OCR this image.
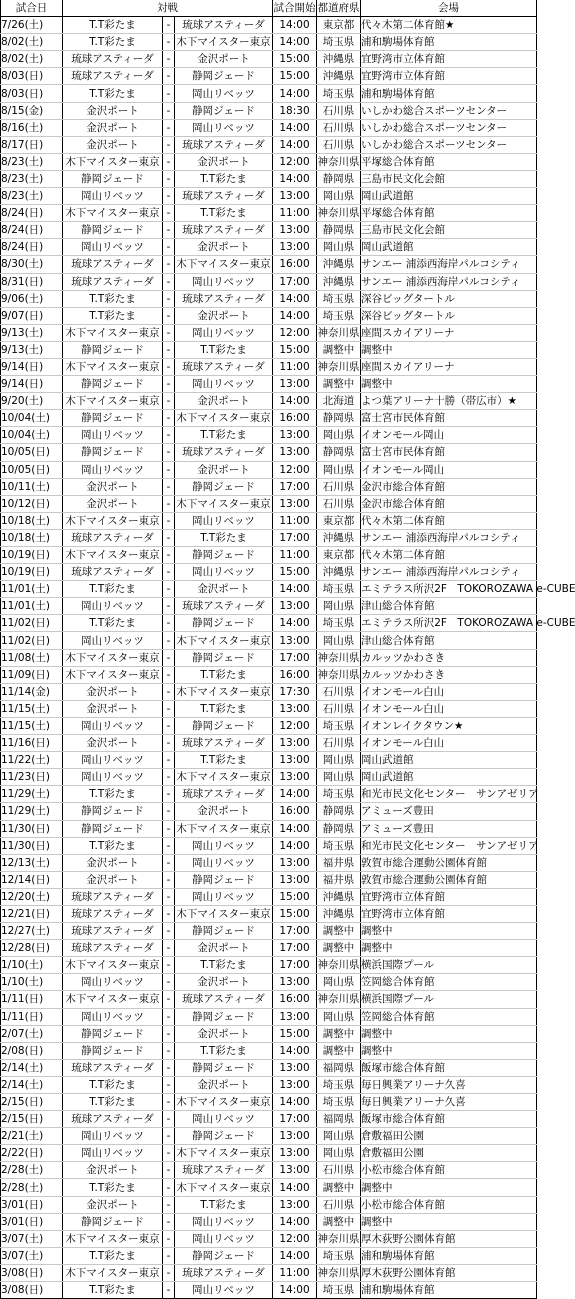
試合日	対戦			試合開始	都道府県	会場
7/26(土)	T.T彩たま	-	琉球アスティーダ	14:00	東京都	代々木第二体育館★
8/02(土)	T.T彩たま	-	木下マイスター東京	14:00	埼玉県	浦和駒場体育館
8/02(土)	琉球アスティーダ	-	金沢ポート	15:00	沖縄県	宜野湾市立体育館
8/03(日)	琉球アスティーダ	-	静岡ジェード	15:00	沖縄県	宜野湾市立体育館
8/03(日)	T.T彩たま	-	岡山リベッツ	14:00	埼玉県	浦和駒場体育館
8/15(金)	金沢ポート	-	静岡ジェード	18:30	石川県	いしかわ総合スポーツセンター
8/16(土)	金沢ポート	-	岡山リベッツ	14:00	石川県	いしかわ総合スポーツセンター
8/17(日)	金沢ポート	-	琉球アスティーダ	14:00	石川県	いしかわ総合スポーツセンター
8/23(土)	木下マイスター東京	-	金沢ポート	12:00	神奈川県	平塚総合体育館
8/23(土)	静岡ジェード	-	T.T彩たま	14:00	静岡県	三島市民文化会館
8/23(土)	岡山リベッツ	-	琉球アスティーダ	13:00	岡山県	岡山武道館
8/24(日)	木下マイスター東京	-	T.T彩たま	11:00	神奈川県	平塚総合体育館
8/24(日)	静岡ジェード	-	琉球アスティーダ	13:00	静岡県	三島市民文化会館
8/24(日)	岡山リベッツ	-	金沢ポート	13:00	岡山県	岡山武道館
8/30(土)	琉球アスティーダ	-	木下マイスター東京	16:00	沖縄県	サンエー 浦添西海岸パルコシティ
8/31(日)	琉球アスティーダ	-	岡山リベッツ	17:00	沖縄県	サンエー 浦添西海岸パルコシティ
9/06(土)	T.T彩たま	-	琉球アスティーダ	14:00	埼玉県	深谷ビッグタートル
9/07(日)	T.T彩たま	-	金沢ポート	14:00	埼玉県	深谷ビッグタートル
9/13(土)	木下マイスター東京	-	岡山リベッツ	12:00	神奈川県	座間スカイアリーナ
9/13(土)	静岡ジェード	-	T.T彩たま	15:00	調整中	調整中
9/14(日)	木下マイスター東京	-	琉球アスティーダ	11:00	神奈川県	座間スカイアリーナ
9/14(日)	静岡ジェード	-	岡山リベッツ	13:00	調整中	調整中
9/20(土)	木下マイスター東京	-	金沢ポート	14:00	北海道	よつ葉アリーナ十勝（帯広市）★
10/04(土)	静岡ジェード	-	木下マイスター東京	16:00	静岡県	富士宮市民体育館
10/04(土)	岡山リベッツ	-	T.T彩たま	13:00	岡山県	イオンモール岡山
10/05(日)	静岡ジェード	-	琉球アスティーダ	13:00	静岡県	富士宮市民体育館
10/05(日)	岡山リベッツ	-	金沢ポート	12:00	岡山県	イオンモール岡山
10/11(土)	金沢ポート	-	静岡ジェード	17:00	石川県	金沢市総合体育館
10/12(日)	金沢ポート	-	木下マイスター東京	13:00	石川県	金沢市総合体育館
10/18(土)	木下マイスター東京	-	岡山リベッツ	11:00	東京都	代々木第二体育館
10/18(土)	琉球アスティーダ	-	T.T彩たま	17:00	沖縄県	サンエー 浦添西海岸パルコシティ
10/19(日)	木下マイスター東京	-	静岡ジェード	11:00	東京都	代々木第二体育館
10/19(日)	琉球アスティーダ	-	岡山リベッツ	15:00	沖縄県	サンエー 浦添西海岸パルコシティ
11/01(土)	T.T彩たま	-	金沢ポート	14:00	埼玉県	エミテラス所沢2F　TOKOROZAWA e-CUBE
11/01(土)	岡山リベッツ	-	琉球アスティーダ	13:00	岡山県	津山総合体育館
11/02(日)	T.T彩たま	-	静岡ジェード	14:00	埼玉県	エミテラス所沢2F　TOKOROZAWA e-CUBE
11/02(日)	岡山リベッツ	-	木下マイスター東京	13:00	岡山県	津山総合体育館
11/08(土)	木下マイスター東京	-	静岡ジェード	17:00	神奈川県	カルッツかわさき
11/09(日)	木下マイスター東京	-	T.T彩たま	16:00	神奈川県	カルッツかわさき
11/14(金)	金沢ポート	-	木下マイスター東京	17:30	石川県	イオンモール白山
11/15(土)	金沢ポート	-	T.T彩たま	13:00	石川県	イオンモール白山
11/15(土)	岡山リベッツ	-	静岡ジェード	12:00	埼玉県	イオンレイクタウン★
11/16(日)	金沢ポート	-	琉球アスティーダ	13:00	石川県	イオンモール白山
11/22(土)	岡山リベッツ	-	T.T彩たま	13:00	岡山県	岡山武道館
11/23(日)	岡山リベッツ	-	木下マイスター東京	13:00	岡山県	岡山武道館
11/29(土)	T.T彩たま	-	琉球アスティーダ	14:00	埼玉県	和光市民文化センター　サンアゼリア
11/29(土)	静岡ジェード	-	金沢ポート	16:00	静岡県	アミューズ豊田
11/30(日)	静岡ジェード	-	木下マイスター東京	14:00	静岡県	アミューズ豊田
11/30(日)	T.T彩たま	-	岡山リベッツ	14:00	埼玉県	和光市民文化センター　サンアゼリア
12/13(土)	金沢ポート	-	岡山リベッツ	13:00	福井県	敦賀市総合運動公園体育館
12/14(日)	金沢ポート	-	静岡ジェード	13:00	福井県	敦賀市総合運動公園体育館
12/20(土)	琉球アスティーダ	-	岡山リベッツ	15:00	沖縄県	宜野湾市立体育館
12/21(日)	琉球アスティーダ	-	木下マイスター東京	15:00	沖縄県	宜野湾市立体育館
12/27(土)	琉球アスティーダ	-	静岡ジェード	17:00	調整中	調整中
12/28(日)	琉球アスティーダ	-	金沢ポート	17:00	調整中	調整中
1/10(土)	木下マイスター東京	-	T.T彩たま	17:00	神奈川県	横浜国際プール
1/10(土)	岡山リベッツ	-	金沢ポート	13:00	岡山県	笠岡総合体育館
1/11(日)	木下マイスター東京	-	琉球アスティーダ	16:00	神奈川県	横浜国際プール
1/11(日)	岡山リベッツ	-	静岡ジェード	13:00	岡山県	笠岡総合体育館
2/07(土)	静岡ジェード	-	金沢ポート	15:00	調整中	調整中
2/08(日)	静岡ジェード	-	T.T彩たま	14:00	調整中	調整中
2/14(土)	琉球アスティーダ	-	静岡ジェード	13:00	福岡県	飯塚市総合体育館
2/14(土)	T.T彩たま	-	金沢ポート	13:00	埼玉県	毎日興業アリーナ久喜
2/15(日)	T.T彩たま	-	木下マイスター東京	14:00	埼玉県	毎日興業アリーナ久喜
2/15(日)	琉球アスティーダ	-	岡山リベッツ	17:00	福岡県	飯塚市総合体育館
2/21(土)	岡山リベッツ	-	静岡ジェード	13:00	岡山県	倉敷福田公園
2/22(日)	岡山リベッツ	-	木下マイスター東京	13:00	岡山県	倉敷福田公園
2/28(土)	金沢ポート	-	琉球アスティーダ	13:00	石川県	小松市総合体育館
2/28(土)	T.T彩たま	-	木下マイスター東京	14:00	調整中	調整中
3/01(日)	金沢ポート	-	T.T彩たま	13:00	石川県	小松市総合体育館
3/01(日)	静岡ジェード	-	岡山リベッツ	14:00	調整中	調整中
3/07(土)	木下マイスター東京	-	岡山リベッツ	12:00	神奈川県	厚木荻野公園体育館
3/07(土)	T.T彩たま	-	静岡ジェード	14:00	埼玉県	浦和駒場体育館
3/08(日)	木下マイスター東京	-	琉球アスティーダ	11:00	神奈川県	厚木荻野公園体育館
3/08(日)	T.T彩たま	-	岡山リベッツ	14:00	埼玉県	浦和駒場体育館
